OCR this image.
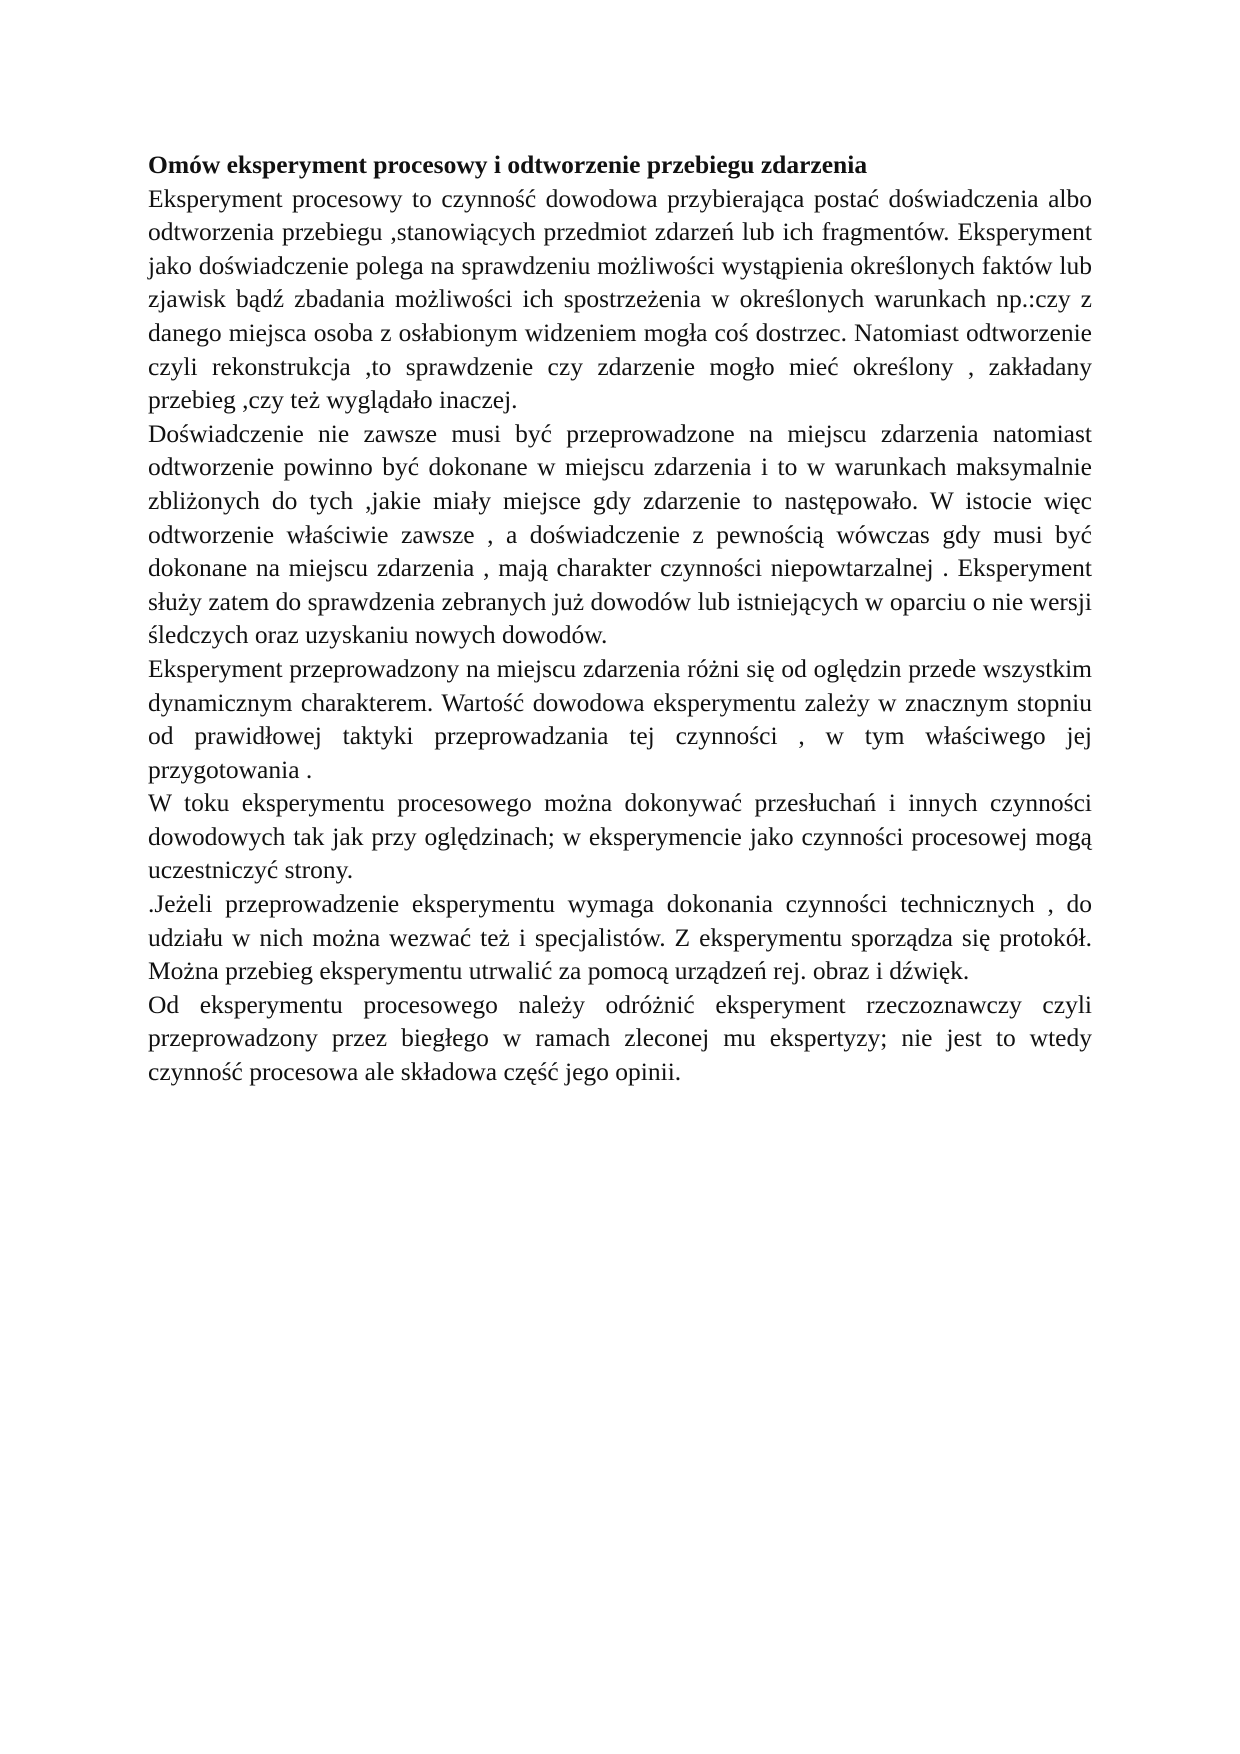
Omów eksperyment procesowy i odtworzenie przebiegu zdarzenia

Eksperyment procesowy to czynność dowodowa przybierająca postać doświadczenia albo odtworzenia przebiegu ,stanowiących przedmiot zdarzeń lub ich fragmentów. Eksperyment jako doświadczenie polega na sprawdzeniu możliwości wystąpienia określonych faktów lub zjawisk bądź zbadania możliwości ich spostrzeżenia w określonych warunkach np.:czy z danego miejsca osoba z osłabionym widzeniem mogła coś dostrzec. Natomiast odtworzenie czyli rekonstrukcja ,to sprawdzenie czy zdarzenie mogło mieć określony , zakładany przebieg ,czy też wyglądało inaczej.

Doświadczenie nie zawsze musi być przeprowadzone na miejscu zdarzenia natomiast odtworzenie powinno być dokonane w miejscu zdarzenia i to w warunkach maksymalnie zbliżonych do tych ,jakie miały miejsce gdy zdarzenie to następowało. W istocie więc odtworzenie właściwie zawsze , a doświadczenie z pewnością wówczas gdy musi być dokonane na miejscu zdarzenia , mają charakter czynności niepowtarzalnej . Eksperyment służy zatem do sprawdzenia zebranych już dowodów lub istniejących w oparciu o nie wersji śledczych oraz uzyskaniu nowych dowodów.

Eksperyment przeprowadzony na miejscu zdarzenia różni się od oględzin przede wszystkim dynamicznym charakterem. Wartość dowodowa eksperymentu zależy w znacznym stopniu od prawidłowej taktyki przeprowadzania tej czynności , w tym właściwego jej przygotowania .

W toku eksperymentu procesowego można dokonywać przesłuchań i innych czynności dowodowych tak jak przy oględzinach; w eksperymencie jako czynności procesowej mogą uczestniczyć strony.

.Jeżeli przeprowadzenie eksperymentu wymaga dokonania czynności technicznych , do udziału w nich można wezwać też i specjalistów. Z eksperymentu sporządza się protokół. Można przebieg eksperymentu utrwalić za pomocą urządzeń rej. obraz i dźwięk.

Od eksperymentu procesowego należy odróżnić eksperyment rzeczoznawczy czyli przeprowadzony przez biegłego w ramach zleconej mu ekspertyzy; nie jest to wtedy czynność procesowa ale składowa część jego opinii.
